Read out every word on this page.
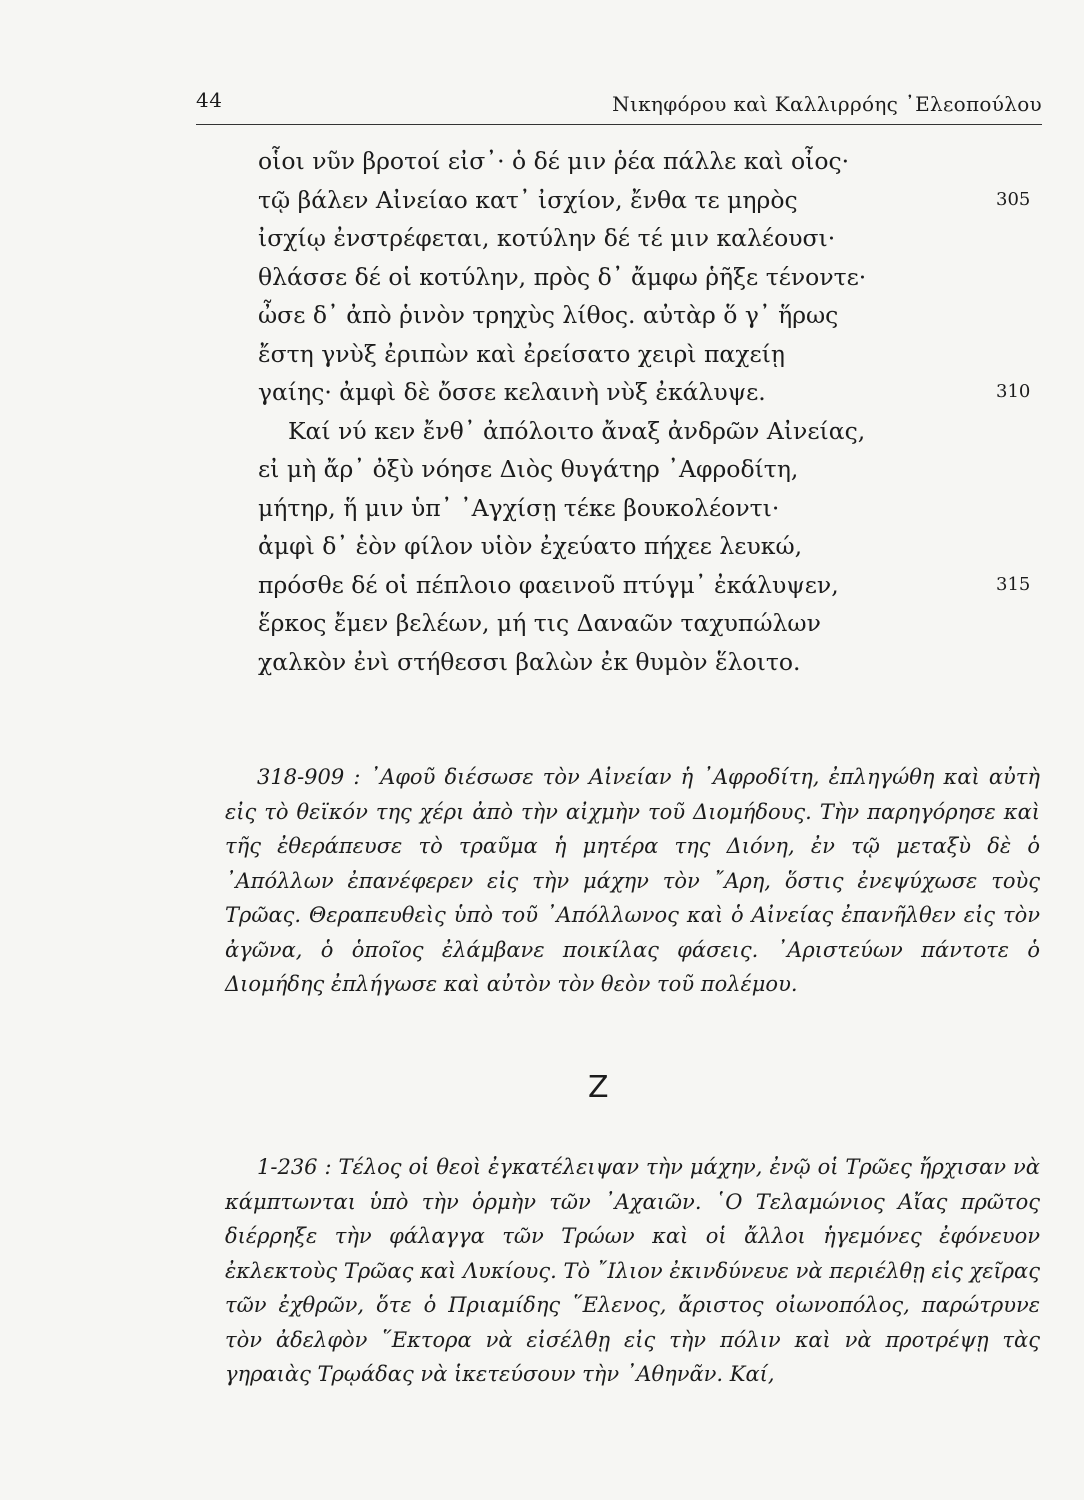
44	Νικηφόρου καὶ Καλλιρρόης ᾿Ελεοπούλου
οἷοι νῦν βροτοί εἰσ᾽· ὁ δέ μιν ῥέα πάλλε καὶ οἶος·
τῷ βάλεν Αἰνείαο κατ᾽ ἰσχίον, ἔνθα τε μηρὸς	305
ἰσχίῳ ἐνστρέφεται, κοτύλην δέ τέ μιν καλέουσι·
θλάσσε δέ οἱ κοτύλην, πρὸς δ᾽ ἄμφω ῥῆξε τένοντε·
ὦσε δ᾽ ἀπὸ ῥινὸν τρηχὺς λίθος. αὐτὰρ ὅ γ᾽ ἥρως
ἔστη γνὺξ ἐριπὼν καὶ ἐρείσατο χειρὶ παχείῃ
γαίης· ἀμφὶ δὲ ὄσσε κελαινὴ νὺξ ἐκάλυψε.	310
Καί νύ κεν ἔνθ᾽ ἀπόλοιτο ἄναξ ἀνδρῶν Αἰνείας,
εἰ μὴ ἄρ᾽ ὀξὺ νόησε Διὸς θυγάτηρ ᾿Αφροδίτη,
μήτηρ, ἥ μιν ὑπ᾽ ᾿Αγχίσῃ τέκε βουκολέοντι·
ἀμφὶ δ᾽ ἑὸν φίλον υἱὸν ἐχεύατο πήχεε λευκώ,
πρόσθε δέ οἱ πέπλοιο φαεινοῦ πτύγμ᾽ ἐκάλυψεν,	315
ἕρκος ἔμεν βελέων, μή τις Δαναῶν ταχυπώλων
χαλκὸν ἐνὶ στήθεσσι βαλὼν ἐκ θυμὸν ἕλοιτο.

318-909 : ᾿Αφοῦ διέσωσε τὸν Αἰνείαν ἡ ᾿Αφροδίτη, ἐπληγώθη καὶ αὐτὴ εἰς τὸ θεϊκόν της χέρι ἀπὸ τὴν αἰχμὴν τοῦ Διομήδους. Τὴν παρηγόρησε καὶ τῆς ἐθεράπευσε τὸ τραῦμα ἡ μητέρα της Διόνη, ἐν τῷ μεταξὺ δὲ ὁ ᾿Απόλλων ἐπανέφερεν εἰς τὴν μάχην τὸν ῎Αρη, ὅστις ἐνεψύχωσε τοὺς Τρῶας. Θεραπευθεὶς ὑπὸ τοῦ ᾿Απόλλωνος καὶ ὁ Αἰνείας ἐπανῆλθεν εἰς τὸν ἀγῶνα, ὁ ὁποῖος ἐλάμβανε ποικίλας φάσεις. ᾿Αριστεύων πάντοτε ὁ Διομήδης ἐπλήγωσε καὶ αὐτὸν τὸν θεὸν τοῦ πολέμου.

Ζ

1-236 : Τέλος οἱ θεοὶ ἐγκατέλειψαν τὴν μάχην, ἐνῷ οἱ Τρῶες ἤρχισαν νὰ κάμπτωνται ὑπὸ τὴν ὁρμὴν τῶν ᾿Αχαιῶν. ῾Ο Τελαμώνιος Αἴας πρῶτος διέρρηξε τὴν φάλαγγα τῶν Τρώων καὶ οἱ ἄλλοι ἡγεμόνες ἐφόνευον ἐκλεκτοὺς Τρῶας καὶ Λυκίους. Τὸ ῎Ιλιον ἐκινδύνευε νὰ περιέλθῃ εἰς χεῖρας τῶν ἐχθρῶν, ὅτε ὁ Πριαμίδης ῞Ελενος, ἄριστος οἰωνοπόλος, παρώτρυνε τὸν ἀδελφὸν ῞Εκτορα νὰ εἰσέλθῃ εἰς τὴν πόλιν καὶ νὰ προτρέψῃ τὰς γηραιὰς Τρῳάδας νὰ ἱκετεύσουν τὴν ᾿Αθηνᾶν. Καί,
